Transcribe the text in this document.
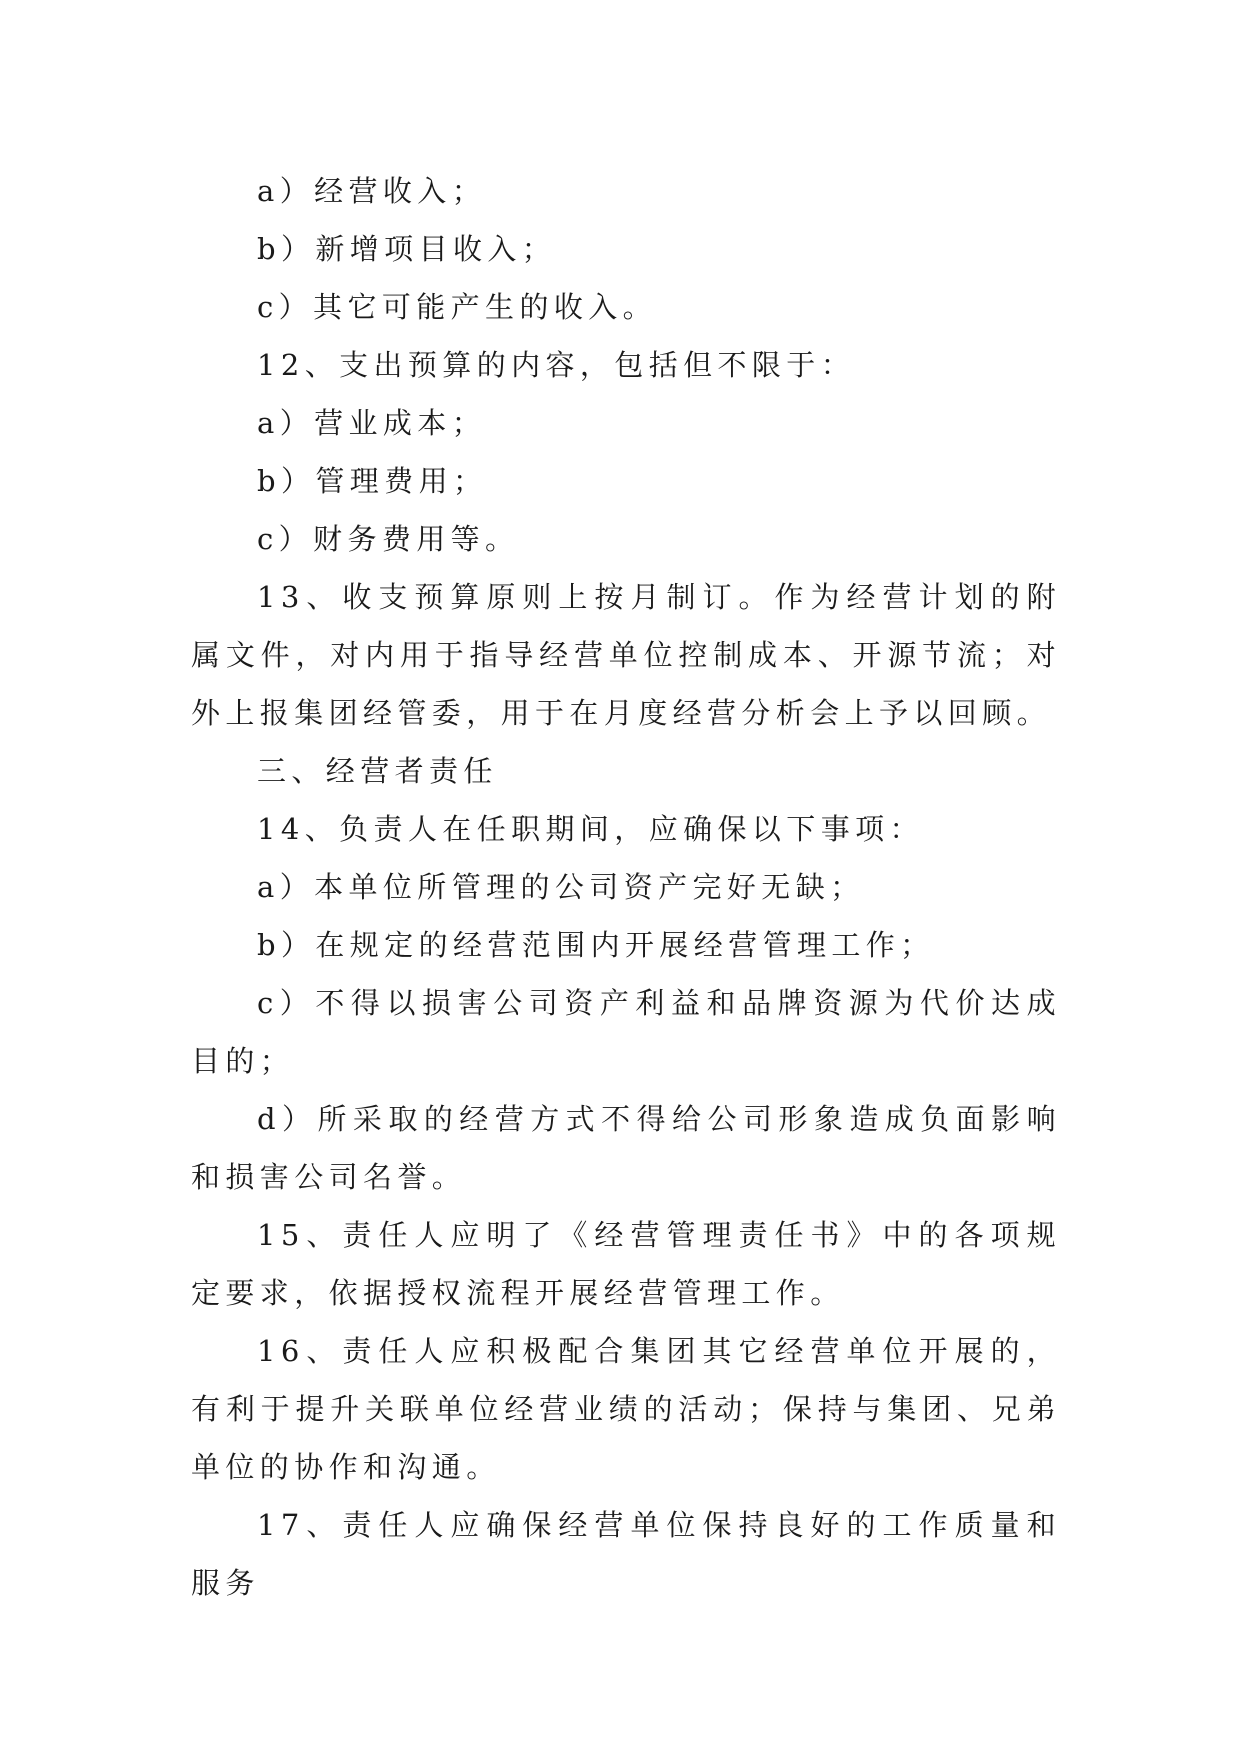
a）经营收入；

b）新增项目收入；

c）其它可能产生的收入。

12、支出预算的内容，包括但不限于：

a）营业成本；

b）管理费用；

c）财务费用等。

13、收支预算原则上按月制订。作为经营计划的附属文件，对内用于指导经营单位控制成本、开源节流；对外上报集团经管委，用于在月度经营分析会上予以回顾。

三、经营者责任

14、负责人在任职期间，应确保以下事项：

a）本单位所管理的公司资产完好无缺；

b）在规定的经营范围内开展经营管理工作；

c）不得以损害公司资产利益和品牌资源为代价达成目的；

d）所采取的经营方式不得给公司形象造成负面影响和损害公司名誉。

15、责任人应明了《经营管理责任书》中的各项规定要求，依据授权流程开展经营管理工作。

16、责任人应积极配合集团其它经营单位开展的，有利于提升关联单位经营业绩的活动；保持与集团、兄弟单位的协作和沟通。

17、责任人应确保经营单位保持良好的工作质量和服务
